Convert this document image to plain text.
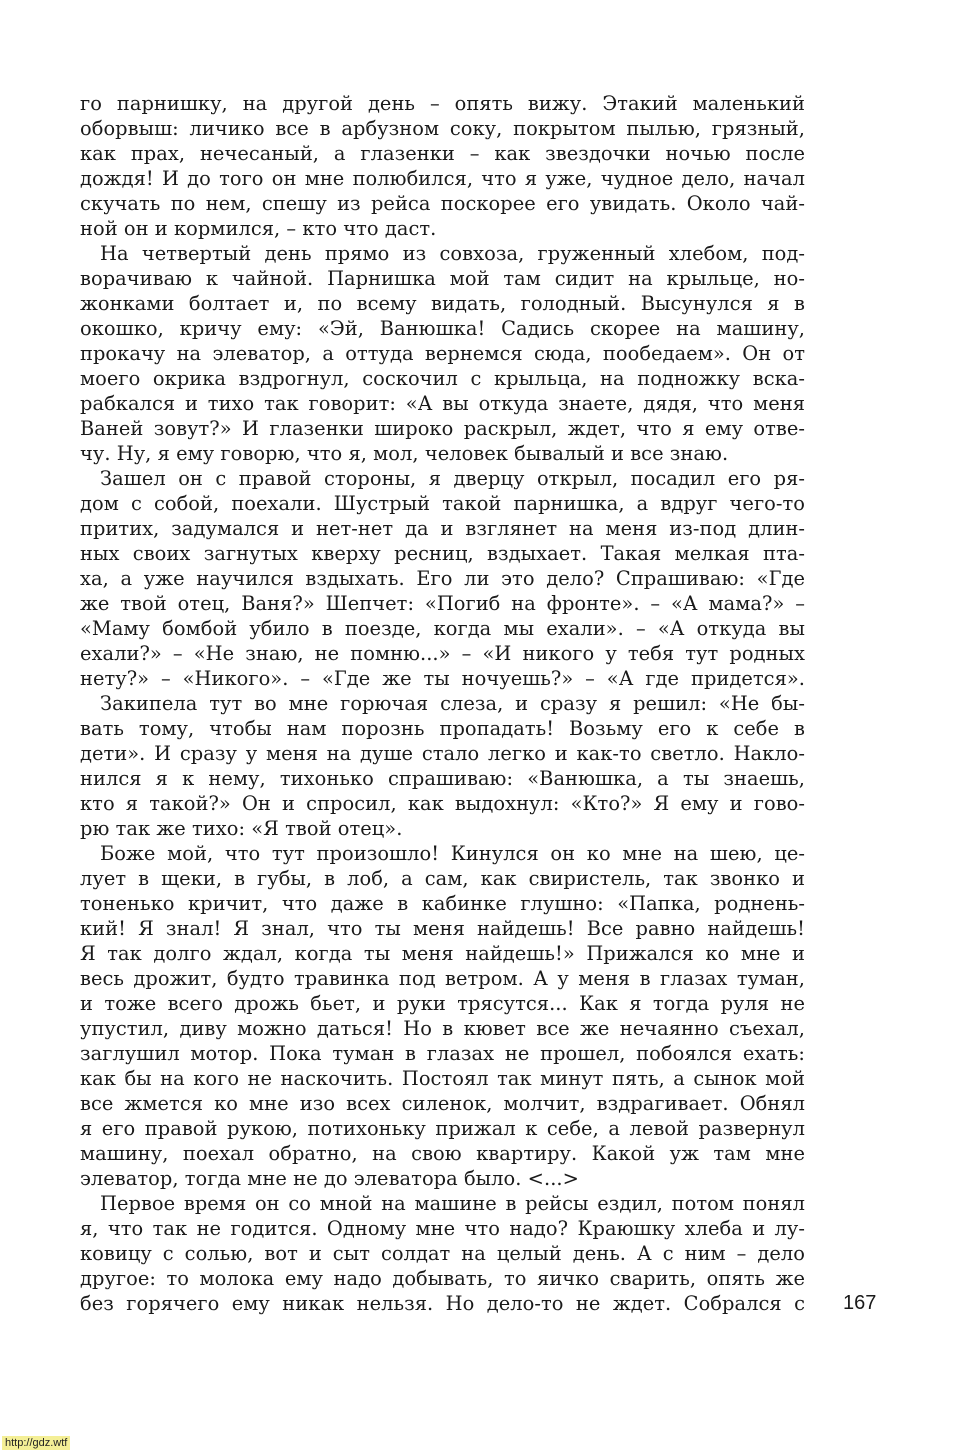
го парнишку, на другой день – опять вижу. Этакий маленький
оборвыш: личико все в арбузном соку, покрытом пылью, грязный,
как прах, нечесаный, а глазенки – как звездочки ночью после
дождя! И до того он мне полюбился, что я уже, чудное дело, начал
скучать по нем, спешу из рейса поскорее его увидать. Около чай-
ной он и кормился, – кто что даст.
На четвертый день прямо из совхоза, груженный хлебом, под-
ворачиваю к чайной. Парнишка мой там сидит на крыльце, но-
жонками болтает и, по всему видать, голодный. Высунулся я в
окошко, кричу ему: «Эй, Ванюшка! Садись скорее на машину,
прокачу на элеватор, а оттуда вернемся сюда, пообедаем». Он от
моего окрика вздрогнул, соскочил с крыльца, на подножку вска-
рабкался и тихо так говорит: «А вы откуда знаете, дядя, что меня
Ваней зовут?» И глазенки широко раскрыл, ждет, что я ему отве-
чу. Ну, я ему говорю, что я, мол, человек бывалый и все знаю.
Зашел он с правой стороны, я дверцу открыл, посадил его ря-
дом с собой, поехали. Шустрый такой парнишка, а вдруг чего-то
притих, задумался и нет-нет да и взглянет на меня из-под длин-
ных своих загнутых кверху ресниц, вздыхает. Такая мелкая пта-
ха, а уже научился вздыхать. Его ли это дело? Спрашиваю: «Где
же твой отец, Ваня?» Шепчет: «Погиб на фронте». – «А мама?» –
«Маму бомбой убило в поезде, когда мы ехали». – «А откуда вы
ехали?» – «Не знаю, не помню...» – «И никого у тебя тут родных
нету?» – «Никого». – «Где же ты ночуешь?» – «А где придется».
Закипела тут во мне горючая слеза, и сразу я решил: «Не бы-
вать тому, чтобы нам порознь пропадать! Возьму его к себе в
дети». И сразу у меня на душе стало легко и как-то светло. Накло-
нился я к нему, тихонько спрашиваю: «Ванюшка, а ты знаешь,
кто я такой?» Он и спросил, как выдохнул: «Кто?» Я ему и гово-
рю так же тихо: «Я твой отец».
Боже мой, что тут произошло! Кинулся он ко мне на шею, це-
лует в щеки, в губы, в лоб, а сам, как свиристель, так звонко и
тоненько кричит, что даже в кабинке глушно: «Папка, роднень-
кий! Я знал! Я знал, что ты меня найдешь! Все равно найдешь!
Я так долго ждал, когда ты меня найдешь!» Прижался ко мне и
весь дрожит, будто травинка под ветром. А у меня в глазах туман,
и тоже всего дрожь бьет, и руки трясутся... Как я тогда руля не
упустил, диву можно даться! Но в кювет все же нечаянно съехал,
заглушил мотор. Пока туман в глазах не прошел, побоялся ехать:
как бы на кого не наскочить. Постоял так минут пять, а сынок мой
все жмется ко мне изо всех силенок, молчит, вздрагивает. Обнял
я его правой рукою, потихоньку прижал к себе, а левой развернул
машину, поехал обратно, на свою квартиру. Какой уж там мне
элеватор, тогда мне не до элеватора было. <...>
Первое время он со мной на машине в рейсы ездил, потом понял
я, что так не годится. Одному мне что надо? Краюшку хлеба и лу-
ковицу с солью, вот и сыт солдат на целый день. А с ним – дело
другое: то молока ему надо добывать, то яичко сварить, опять же
без горячего ему никак нельзя. Но дело-то не ждет. Собрался с 167
http://gdz.wtf
